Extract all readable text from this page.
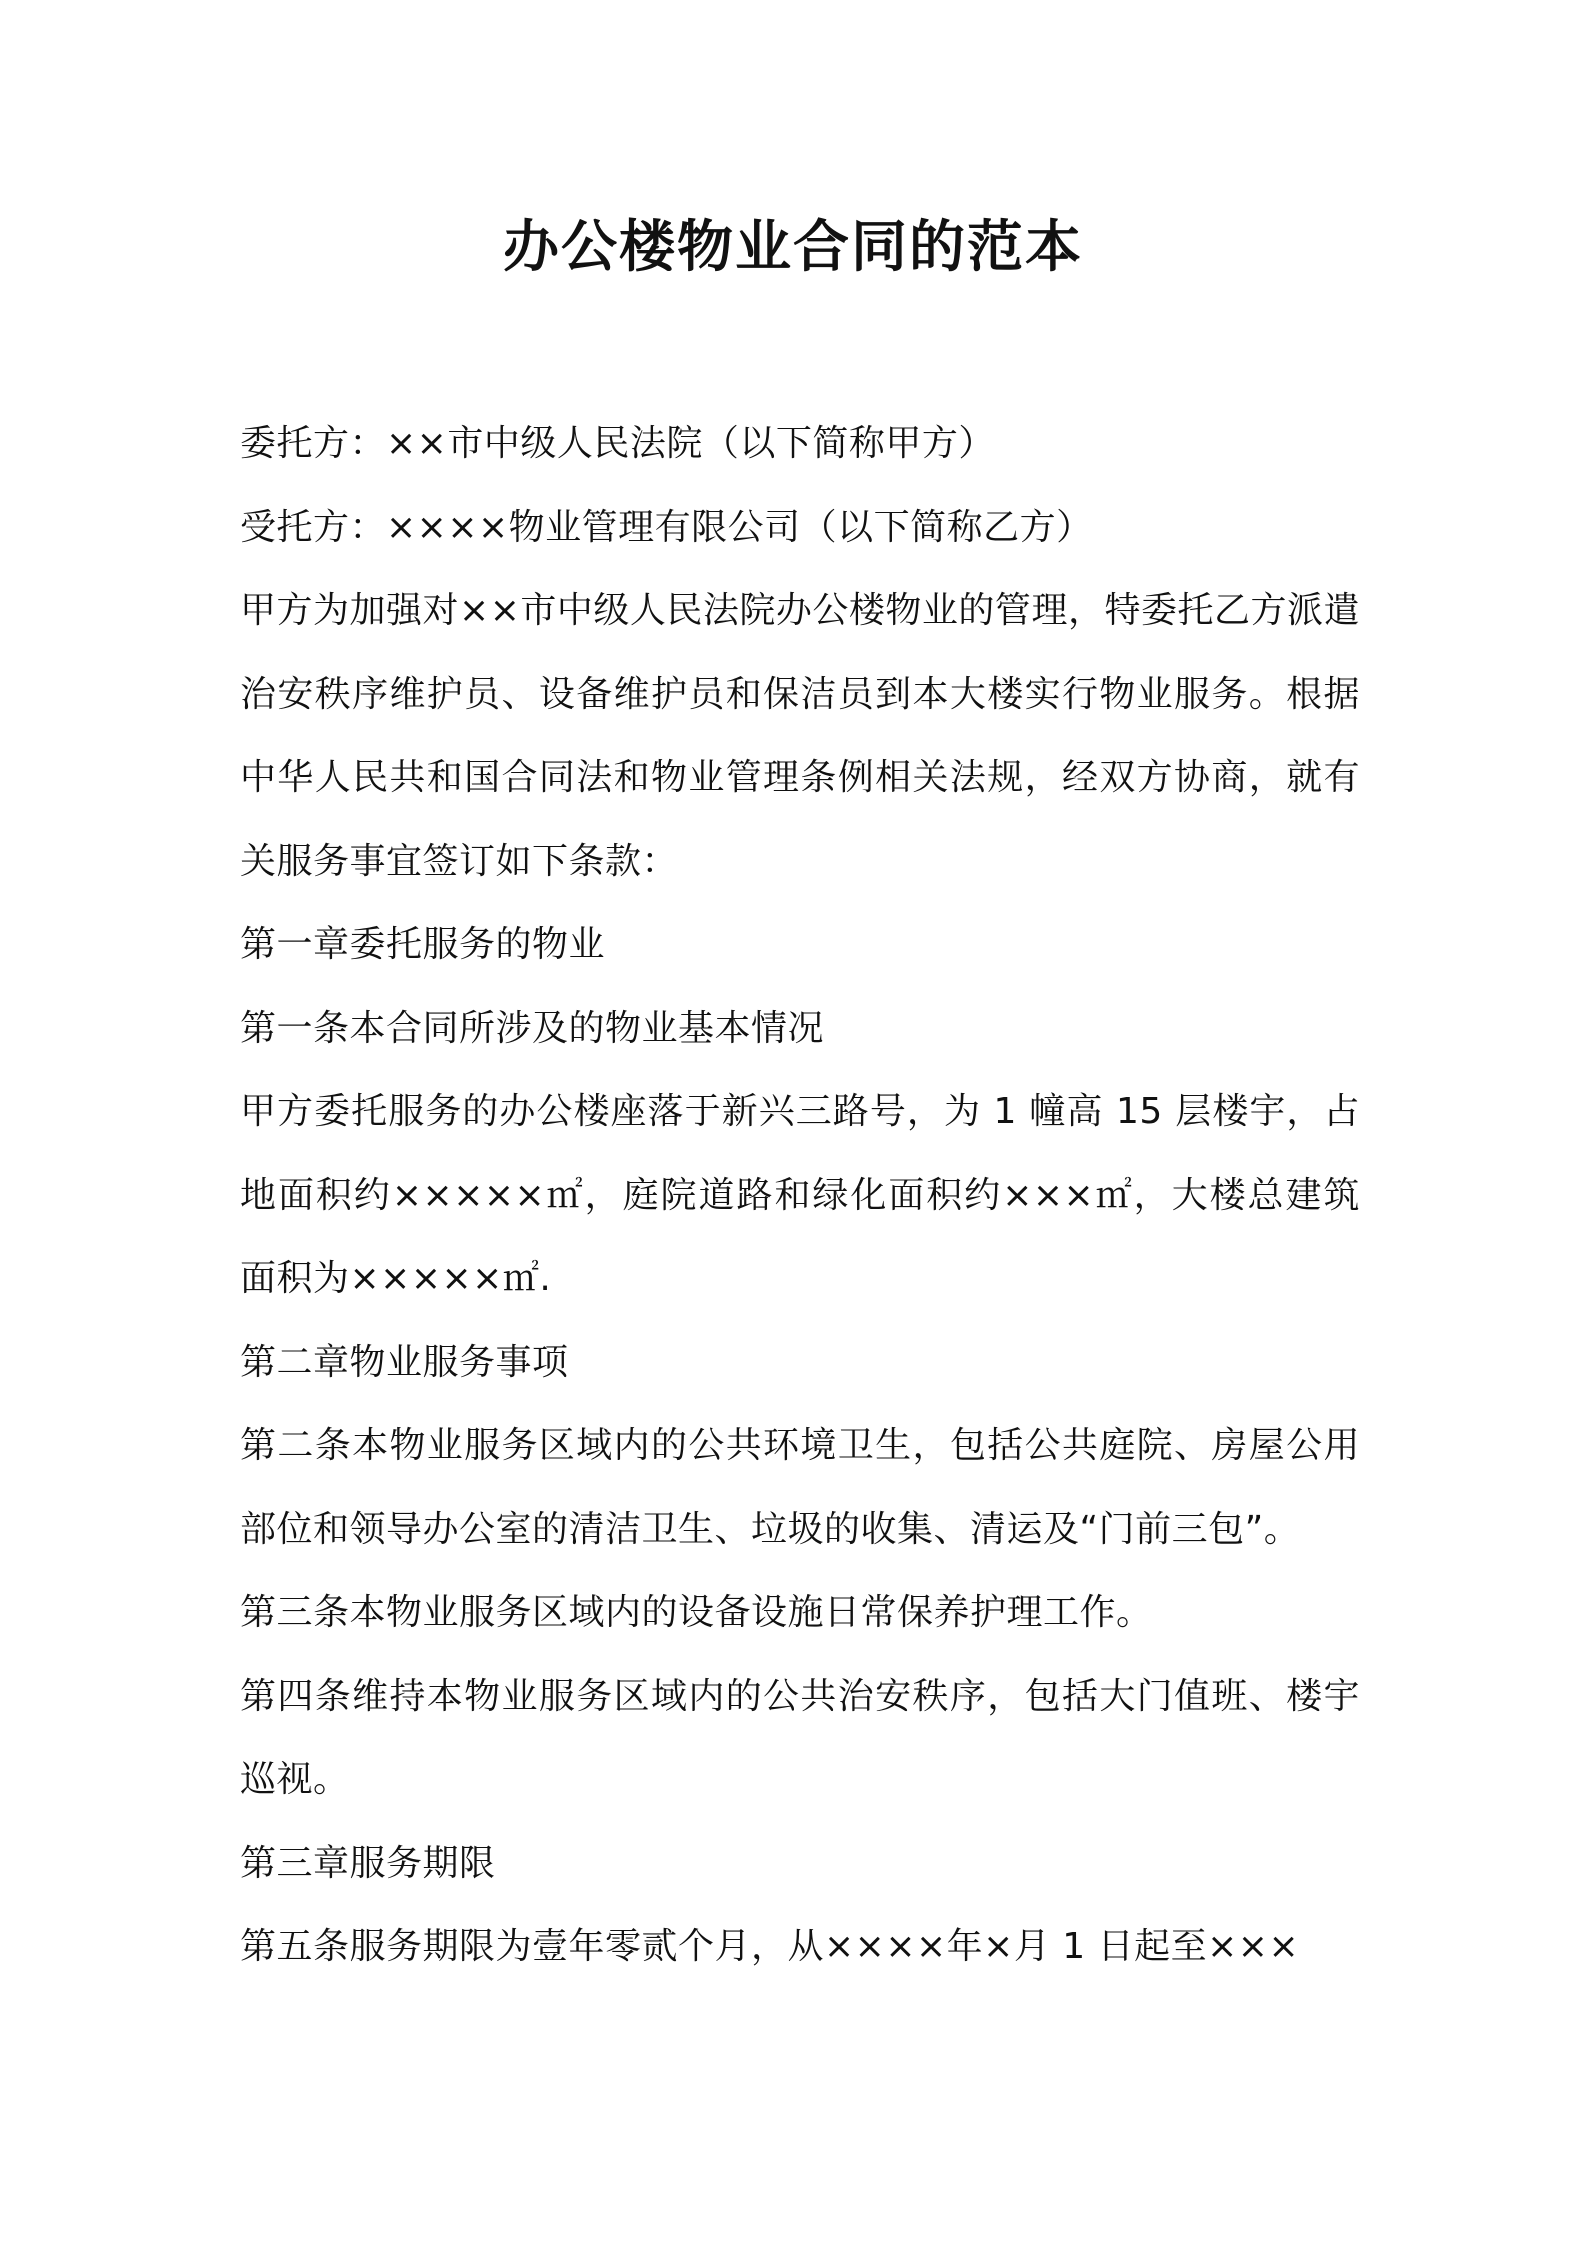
办公楼物业合同的范本

委托方：××市中级人民法院（以下简称甲方）

受托方：××××物业管理有限公司（以下简称乙方）

甲方为加强对××市中级人民法院办公楼物业的管理，特委托乙方派遣治安秩序维护员、设备维护员和保洁员到本大楼实行物业服务。根据中华人民共和国合同法和物业管理条例相关法规，经双方协商，就有关服务事宜签订如下条款：

第一章委托服务的物业

第一条本合同所涉及的物业基本情况

甲方委托服务的办公楼座落于新兴三路号，为 1 幢高 15 层楼宇，占地面积约×××××㎡，庭院道路和绿化面积约×××㎡，大楼总建筑面积为×××××㎡.

第二章物业服务事项

第二条本物业服务区域内的公共环境卫生，包括公共庭院、房屋公用部位和领导办公室的清洁卫生、垃圾的收集、清运及“门前三包”。

第三条本物业服务区域内的设备设施日常保养护理工作。

第四条维持本物业服务区域内的公共治安秩序，包括大门值班、楼宇巡视。

第三章服务期限

第五条服务期限为壹年零贰个月，从××××年×月 1 日起至×××
